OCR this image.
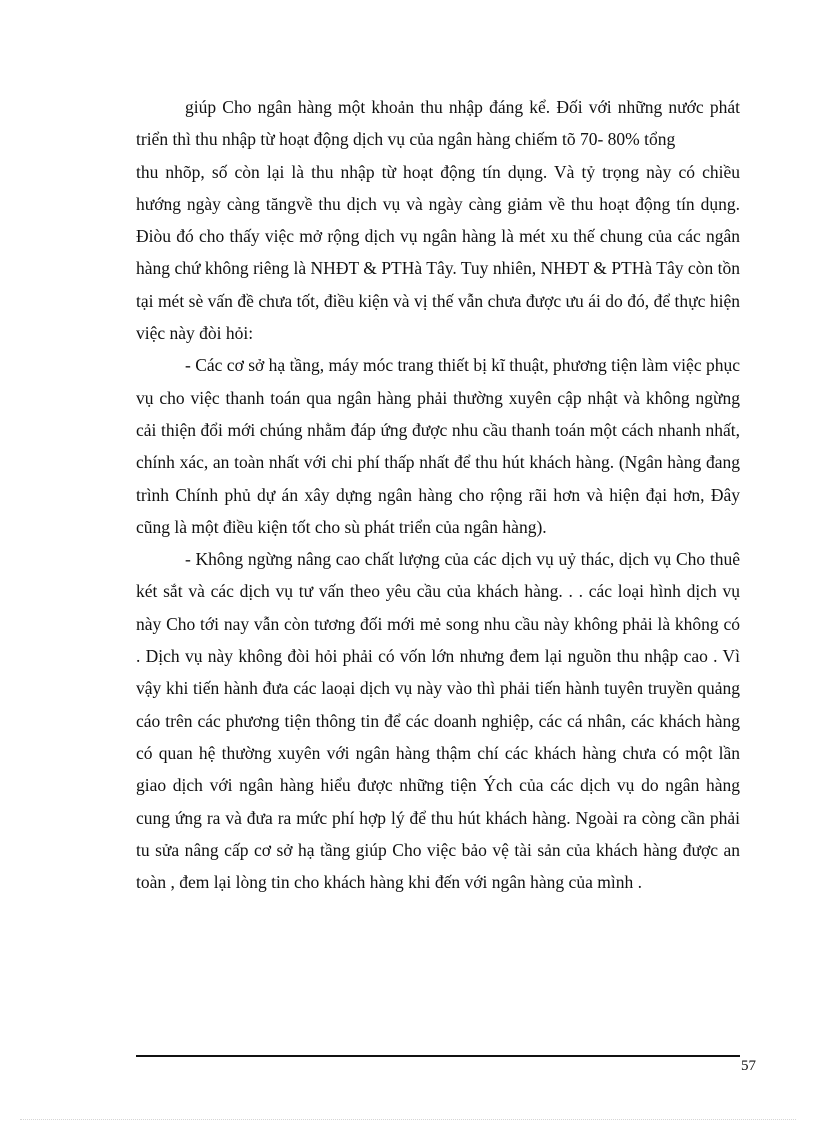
giúp Cho ngân hàng một khoản thu nhập đáng kể. Đối với những nước phát triển thì thu nhập từ hoạt động dịch vụ của ngân hàng chiếm tõ 70- 80% tổng

thu nhõp, số còn lại là thu nhập từ hoạt động tín dụng. Và tỷ trọng này có chiều hướng ngày càng tăngvề thu dịch vụ và ngày càng giảm về thu hoạt động tín dụng. Điòu đó cho thấy việc mở rộng dịch vụ ngân hàng là mét xu thế chung của các ngân hàng chứ không riêng là NHĐT & PTHà Tây. Tuy nhiên, NHĐT & PTHà Tây còn tồn tại mét sè vấn đề chưa tốt, điều kiện và vị thế vẫn chưa được ưu ái do đó, để thực hiện việc này đòi hỏi:

- Các cơ sở hạ tầng, máy móc trang thiết bị kĩ thuật, phương tiện làm việc phục vụ cho việc thanh toán qua ngân hàng phải thường xuyên cập nhật và không ngừng cải thiện đổi mới chúng nhằm đáp ứng được nhu cầu thanh toán một cách nhanh nhất, chính xác, an toàn nhất với chi phí thấp nhất để thu hút khách hàng. (Ngân hàng đang trình Chính phủ dự án xây dựng ngân hàng cho rộng rãi hơn và hiện đại hơn, Đây cũng là một điều kiện tốt cho sù phát triển của ngân hàng).

- Không ngừng nâng cao chất lượng của các dịch vụ uỷ thác, dịch vụ Cho thuê két sắt và các dịch vụ tư vấn theo yêu cầu của khách hàng. . . các loại hình dịch vụ này Cho tới nay vẫn còn tương đối mới mẻ song nhu cầu này không phải là không có . Dịch vụ này không đòi hỏi phải có vốn lớn nhưng đem lại nguồn thu nhập cao . Vì vậy khi tiến hành đưa các laoại dịch vụ này vào thì phải tiến hành tuyên truyền quảng cáo trên các phương tiện thông tin để các doanh nghiệp, các cá nhân, các khách hàng có quan hệ thường xuyên với ngân hàng thậm chí các khách hàng chưa có một lần giao dịch với ngân hàng hiểu được những tiện Ých của các dịch vụ do ngân hàng cung ứng ra và đưa ra mức phí hợp lý để thu hút khách hàng. Ngoài ra còng cần phải tu sửa nâng cấp cơ sở hạ tầng giúp Cho việc bảo vệ tài sản của khách hàng được an toàn , đem lại lòng tin cho khách hàng khi đến với ngân hàng của mình .

57
